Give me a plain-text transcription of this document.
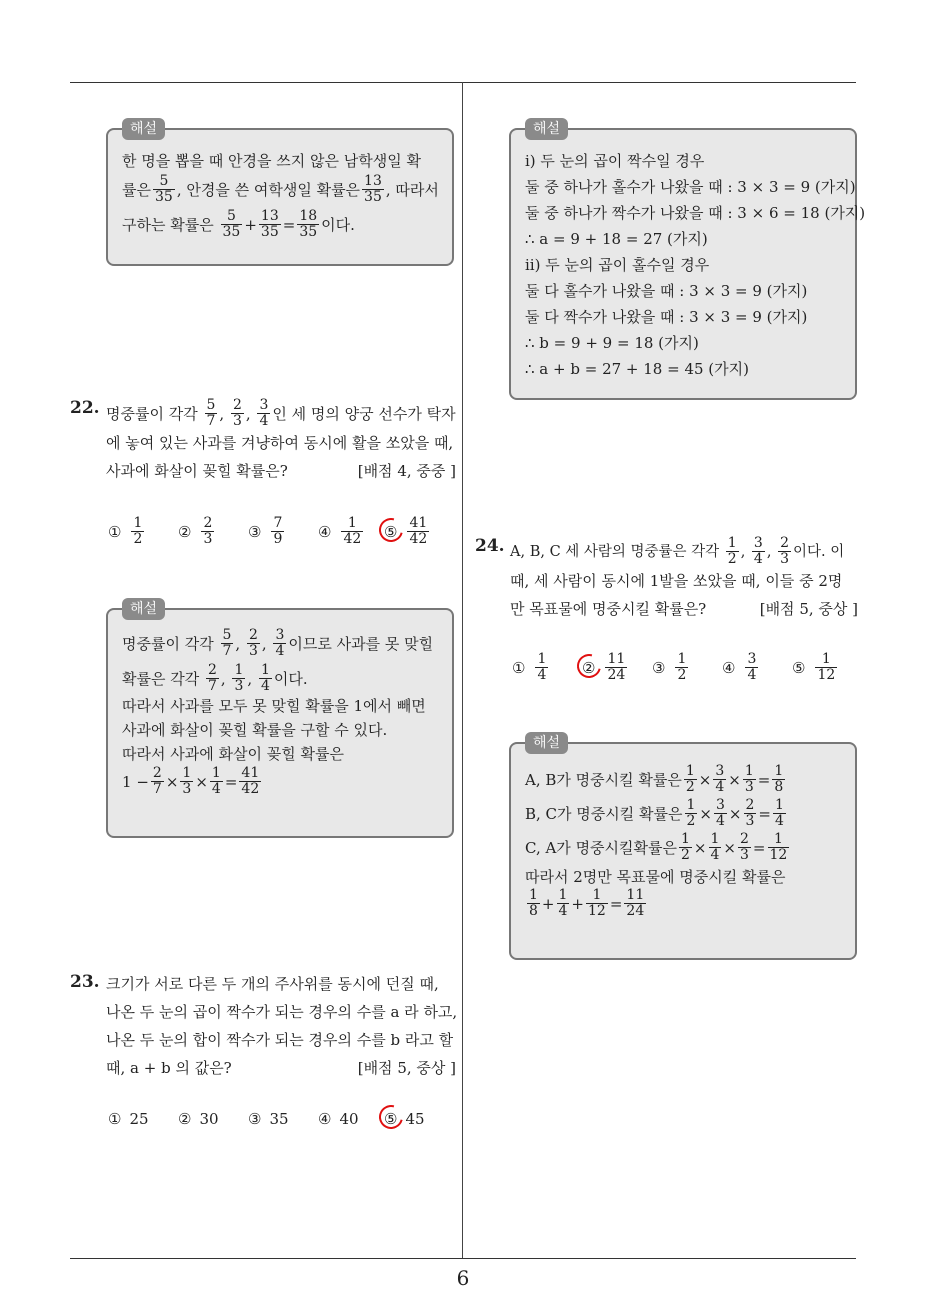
6
해설
한 명을 뽑을 때 안경을 쓰지 않은 남학생일 확
률은 $\frac{5}{35}$ , 안경을 쓴 여학생일 확률은 $\frac{13}{35}$ , 따라서
구하는 확률은
$\frac{5}{35} + \frac{13}{35} = \frac{18}{35}$ 이다.
22. 명중률이 각각
$\frac{5}{7}$ ,
$\frac{2}{3}$ ,
$\frac{3}{4}$ 인 세 명의 양궁 선수가 탁자
에 놓여 있는 사과를 겨냥하여 동시에 활을 쏘았을 때,
사과에 화살이 꽂힐 확률은?	[배점 4, 중중 ]
① $\frac{1}{2}$ ② $\frac{2}{3}$ ③ $\frac{7}{9}$ ④ $\frac{1}{42}$ ⑤ $\frac{41}{42}$
해설
명중률이 각각
$\frac{5}{7}$ ,
$\frac{2}{3}$ ,
$\frac{3}{4}$ 이므로 사과를 못 맞힐
확률은 각각
$\frac{2}{7}$ ,
$\frac{1}{3}$ ,
$\frac{1}{4}$ 이다.
따라서 사과를 모두 못 맞힐 확률을 1에서 빼면
사과에 화살이 꽂힐 확률을 구할 수 있다.
따라서 사과에 화살이 꽂힐 확률은
1
− $\frac{2}{7} \times \frac{1}{3} \times \frac{1}{4} = \frac{41}{42}$
23. 크기가 서로 다른 두 개의 주사위를 동시에 던질 때,
나온 두 눈의 곱이 짝수가 되는 경우의 수를 a 라 하고,
나온 두 눈의 합이 짝수가 되는 경우의 수를 b 라고 할
때, a + b 의 값은?	[배점 5, 중상 ]
① 25 ② 30 ③ 35 ④ 40 ⑤ 45
해설
ⅰ) 두 눈의 곱이 짝수일 경우
둘 중 하나가 홀수가 나왔을 때 : 3 × 3 = 9 (가지)
둘 중 하나가 짝수가 나왔을 때 : 3 × 6 = 18 (가지)
∴ a = 9 + 18 = 27 (가지)
ⅱ) 두 눈의 곱이 홀수일 경우
둘 다 홀수가 나왔을 때 : 3 × 3 = 9 (가지)
둘 다 짝수가 나왔을 때 : 3 × 3 = 9 (가지)
∴ b = 9 + 9 = 18 (가지)
∴ a + b = 27 + 18 = 45 (가지)
24. A, B, C 세 사람의 명중률은 각각
$\frac{1}{2}$ ,
$\frac{3}{4}$ ,
$\frac{2}{3}$ 이다. 이
때, 세 사람이 동시에 1발을 쏘았을 때, 이들 중 2명
만 목표물에 명중시킬 확률은?	[배점 5, 중상 ]
① $\frac{1}{4}$ ② $\frac{11}{24}$ ③ $\frac{1}{2}$ ④ $\frac{3}{4}$ ⑤ $\frac{1}{12}$
해설
A, B가 명중시킬 확률은 $\frac{1}{2} \times \frac{3}{4} \times \frac{1}{3} = \frac{1}{8}$
B, C가 명중시킬 확률은 $\frac{1}{2} \times \frac{3}{4} \times \frac{2}{3} = \frac{1}{4}$
C, A가 명중시킬확률은 $\frac{1}{2} \times \frac{1}{4} \times \frac{2}{3} = \frac{1}{12}$
따라서 2명만 목표물에 명중시킬 확률은
$\frac{1}{8} + \frac{1}{4} + \frac{1}{12} = \frac{11}{24}$
